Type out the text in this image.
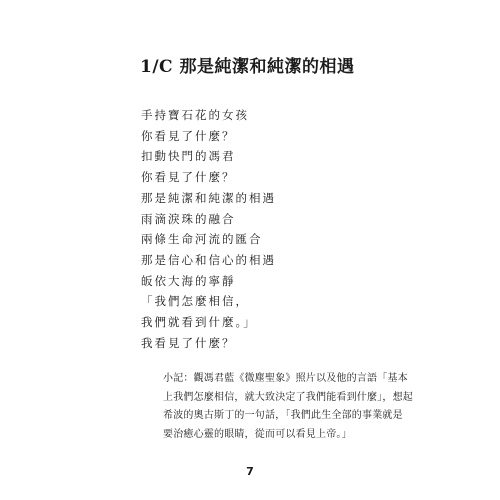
1/C 那是純潔和純潔的相遇
手持寶石花的女孩
你看見了什麼？
扣動快門的馮君
你看見了什麼？
那是純潔和純潔的相遇
雨滴淚珠的融合
兩條生命河流的匯合
那是信心和信心的相遇
皈依大海的寧靜
「我們怎麼相信，
我們就看到什麼。」
我看見了什麼？
小記：觀馮君藍《微塵聖象》照片以及他的言語「基本
上我們怎麼相信，就大致決定了我們能看到什麼」，想起
希波的奧古斯丁的一句話，「我們此生全部的事業就是
要治癒心靈的眼睛，從而可以看見上帝。」
7
